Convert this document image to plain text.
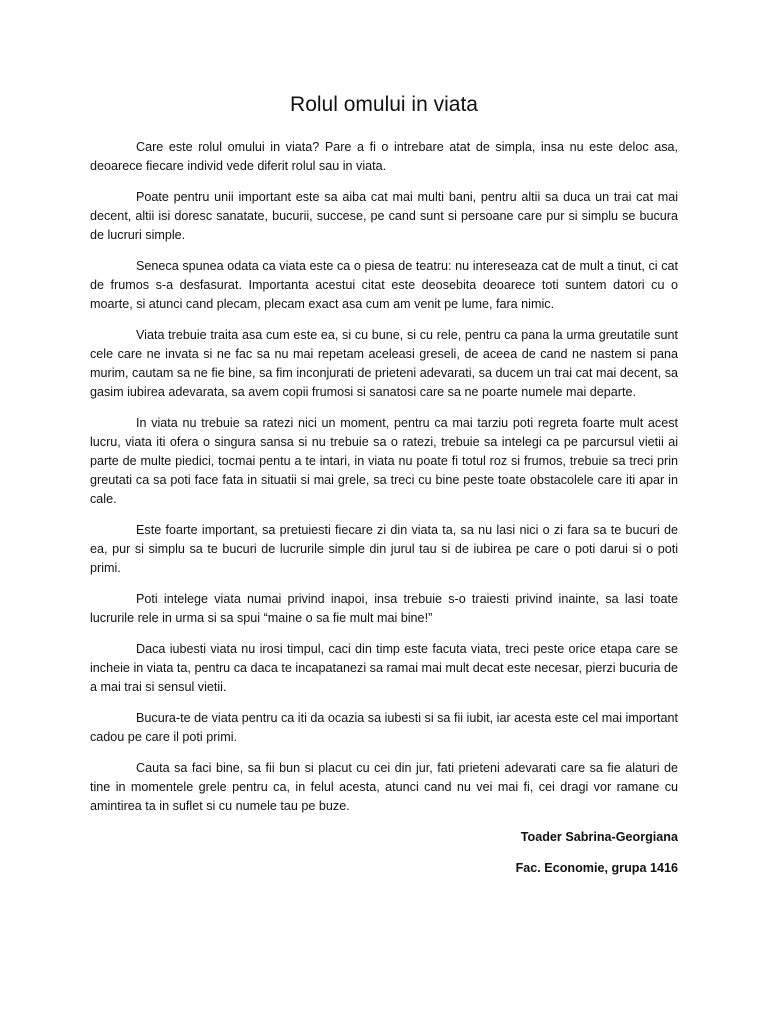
Rolul omului in viata

Care este rolul omului in viata? Pare a fi o intrebare atat de simpla, insa nu este deloc asa, deoarece fiecare individ vede diferit rolul sau in viata.

Poate pentru unii important este sa aiba cat mai multi bani, pentru altii sa duca un trai cat mai decent, altii isi doresc sanatate, bucurii, succese, pe cand sunt si persoane care pur si simplu se bucura de lucruri simple.

Seneca spunea odata ca viata este ca o piesa de teatru: nu intereseaza cat de mult a tinut, ci cat de frumos s-a desfasurat. Importanta acestui citat este deosebita deoarece toti suntem datori cu o moarte, si atunci cand plecam, plecam exact asa cum am venit pe lume, fara nimic.

Viata trebuie traita asa cum este ea, si cu bune, si cu rele, pentru ca pana la urma greutatile sunt cele care ne invata si ne fac sa nu mai repetam aceleasi greseli, de aceea de cand ne nastem si pana murim, cautam sa ne fie bine, sa fim inconjurati de prieteni adevarati, sa ducem un trai cat mai decent, sa gasim iubirea adevarata, sa avem copii frumosi si sanatosi care sa ne poarte numele mai departe.

In viata nu trebuie sa ratezi nici un moment, pentru ca mai tarziu poti regreta foarte mult acest lucru, viata iti ofera o singura sansa si nu trebuie sa o ratezi, trebuie sa intelegi ca pe parcursul vietii ai parte de multe piedici, tocmai pentu a te intari, in viata nu poate fi totul roz si frumos, trebuie sa treci prin greutati ca sa poti face fata in situatii si mai grele, sa treci cu bine peste toate obstacolele care iti apar in cale.

Este foarte important, sa pretuiesti fiecare zi din viata ta, sa nu lasi nici o zi fara sa te bucuri de ea, pur si simplu sa te bucuri de lucrurile simple din jurul tau si de iubirea pe care o poti darui si o poti primi.

Poti intelege viata numai privind inapoi, insa trebuie s-o traiesti privind inainte, sa lasi toate lucrurile rele in urma si sa spui “maine o sa fie mult mai bine!”

Daca iubesti viata nu irosi timpul, caci din timp este facuta viata, treci peste orice etapa care se incheie in viata ta, pentru ca daca te incapatanezi sa ramai mai mult decat este necesar, pierzi bucuria de a mai trai si sensul vietii.

Bucura-te de viata pentru ca iti da ocazia sa iubesti si sa fii iubit, iar acesta este cel mai important cadou pe care il poti primi.

Cauta sa faci bine, sa fii bun si placut cu cei din jur, fati prieteni adevarati care sa fie alaturi de tine in momentele grele pentru ca, in felul acesta, atunci cand nu vei mai fi, cei dragi vor ramane cu amintirea ta in suflet si cu numele tau pe buze.

Toader Sabrina-Georgiana

Fac. Economie, grupa 1416
